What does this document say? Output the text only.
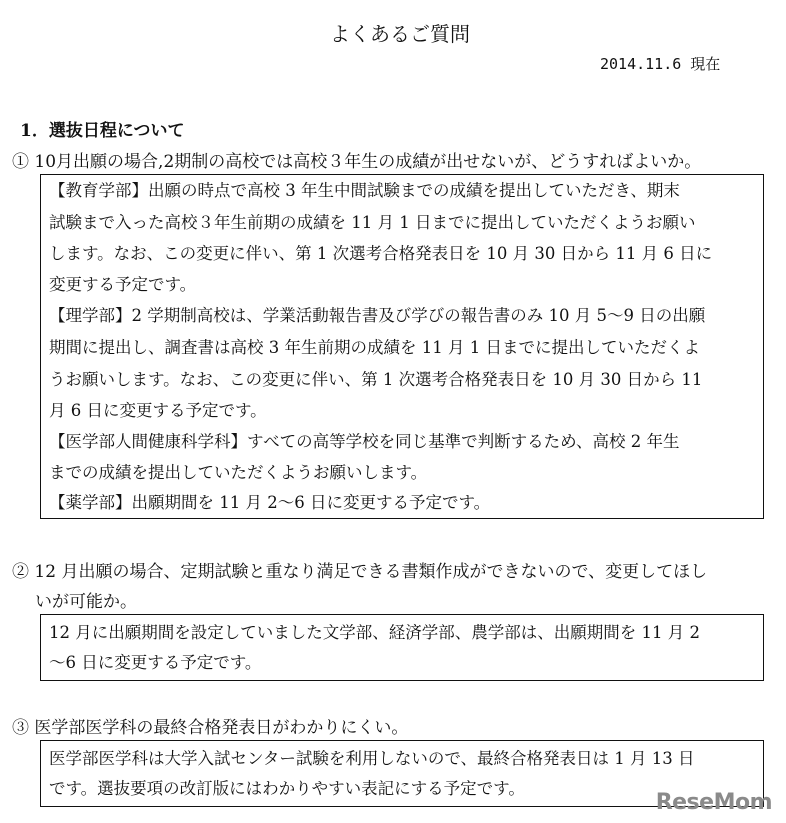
よくあるご質問
2014.11.6 現在
1．選抜日程について
① 10月出願の場合,2期制の高校では高校３年生の成績が出せないが、どうすればよいか。
【教育学部】出願の時点で高校 3 年生中間試験までの成績を提出していただき、期末
試験まで入った高校３年生前期の成績を 11 月 1 日までに提出していただくようお願い
します。なお、この変更に伴い、第 1 次選考合格発表日を 10 月 30 日から 11 月 6 日に
変更する予定です。
【理学部】2 学期制高校は、学業活動報告書及び学びの報告書のみ 10 月 5～9 日の出願
期間に提出し、調査書は高校 3 年生前期の成績を 11 月 1 日までに提出していただくよ
うお願いします。なお、この変更に伴い、第 1 次選考合格発表日を 10 月 30 日から 11
月 6 日に変更する予定です。
【医学部人間健康科学科】すべての高等学校を同じ基準で判断するため、高校 2 年生
までの成績を提出していただくようお願いします。
【薬学部】出願期間を 11 月 2～6 日に変更する予定です。
② 12 月出願の場合、定期試験と重なり満足できる書類作成ができないので、変更してほし
いが可能か。
12 月に出願期間を設定していました文学部、経済学部、農学部は、出願期間を 11 月 2
～6 日に変更する予定です。
③ 医学部医学科の最終合格発表日がわかりにくい。
医学部医学科は大学入試センター試験を利用しないので、最終合格発表日は 1 月 13 日
です。選抜要項の改訂版にはわかりやすい表記にする予定です。
ReseMom
